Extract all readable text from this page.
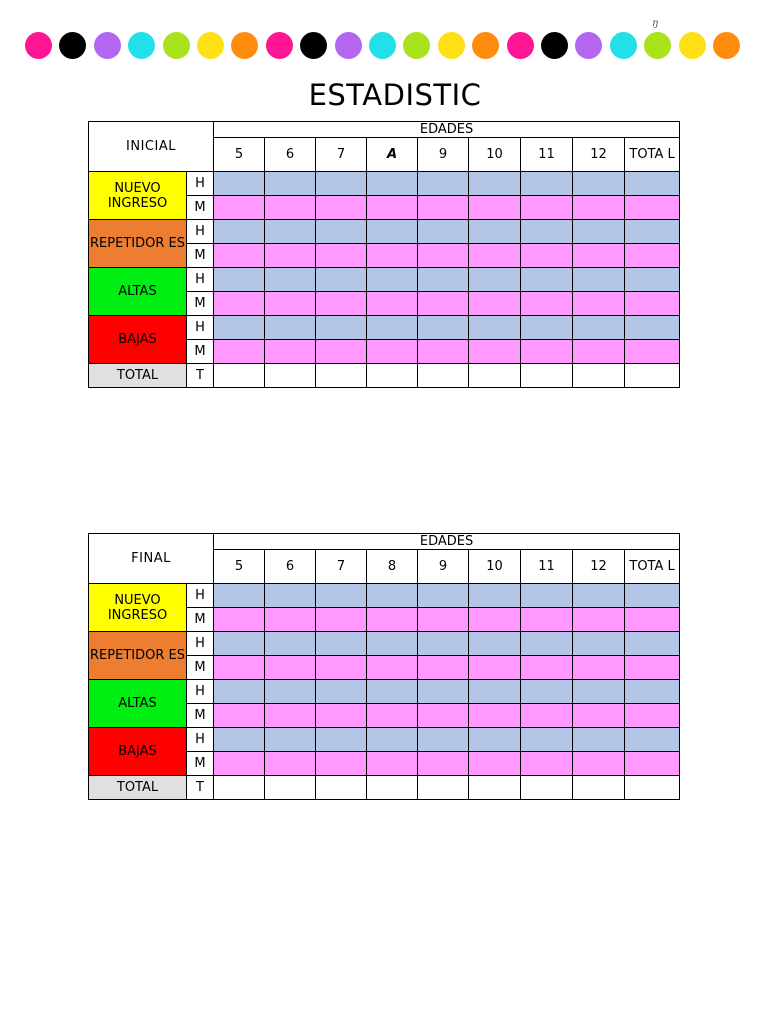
ŋ
ESTADISTIC
INICIAL		EDADES								
		5	6	7	A	9	10	11	12	TOTA L
NUEVO INGRESO	H									
	M									
REPETIDOR ES	H									
	M									
ALTAS	H									
	M									
BAJAS	H									
	M									
TOTAL	T									
FINAL		EDADES								
		5	6	7	8	9	10	11	12	TOTA L
NUEVO INGRESO	H									
	M									
REPETIDOR ES	H									
	M									
ALTAS	H									
	M									
BAJAS	H									
	M									
TOTAL	T									
